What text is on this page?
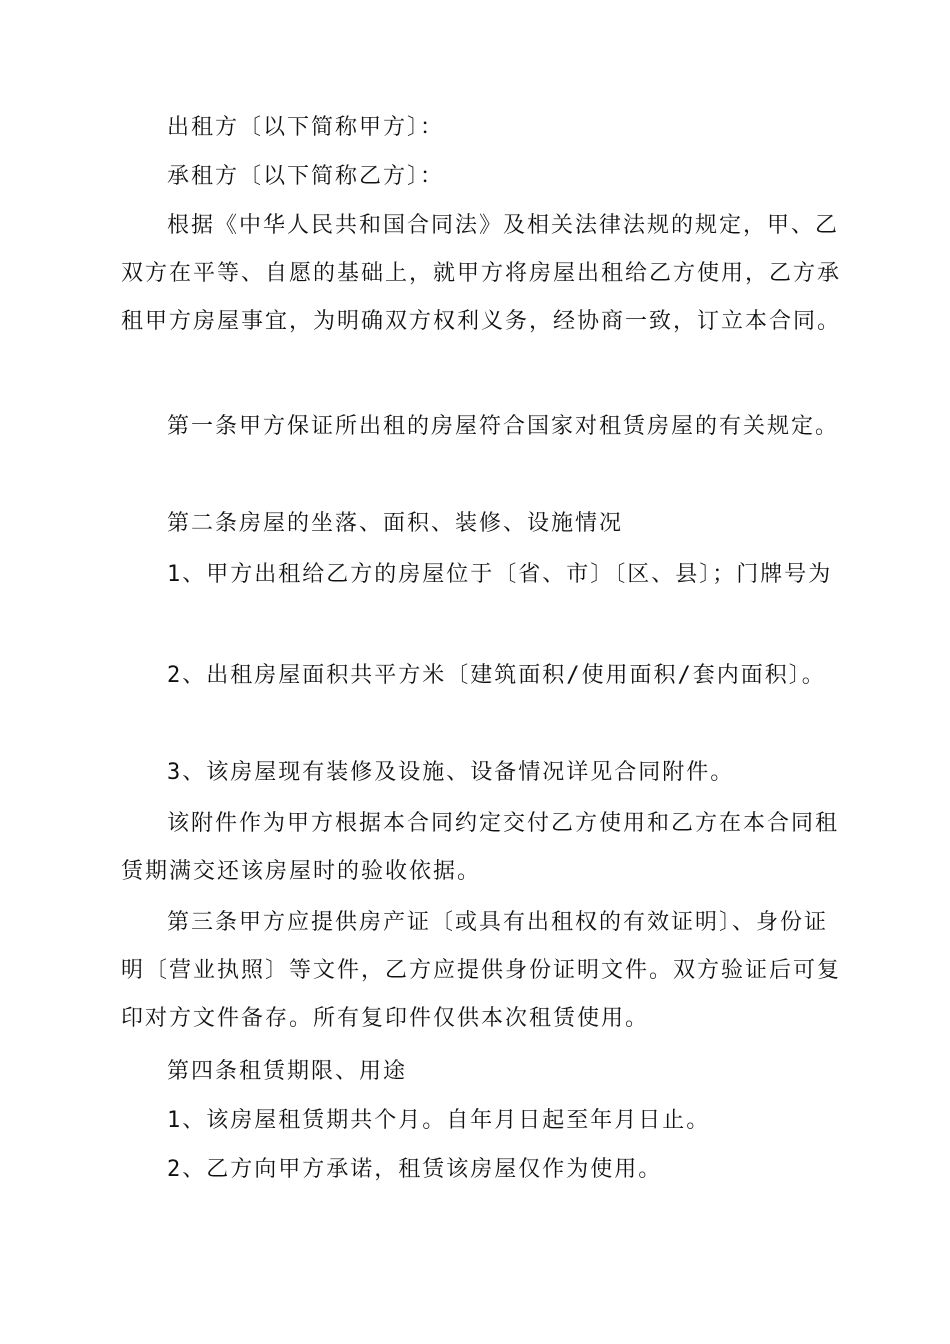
出租方〔以下简称甲方〕：

承租方〔以下简称乙方〕：

根据《中华人民共和国合同法》及相关法律法规的规定，甲、乙双方在平等、自愿的基础上，就甲方将房屋出租给乙方使用，乙方承租甲方房屋事宜，为明确双方权利义务，经协商一致，订立本合同。

第一条甲方保证所出租的房屋符合国家对租赁房屋的有关规定。

第二条房屋的坐落、面积、装修、设施情况

1、甲方出租给乙方的房屋位于〔省、市〕〔区、县〕；门牌号为

2、出租房屋面积共平方米〔建筑面积/使用面积/套内面积〕。

3、该房屋现有装修及设施、设备情况详见合同附件。

该附件作为甲方根据本合同约定交付乙方使用和乙方在本合同租赁期满交还该房屋时的验收依据。

第三条甲方应提供房产证〔或具有出租权的有效证明〕、身份证明〔营业执照〕等文件，乙方应提供身份证明文件。双方验证后可复印对方文件备存。所有复印件仅供本次租赁使用。

第四条租赁期限、用途

1、该房屋租赁期共个月。自年月日起至年月日止。

2、乙方向甲方承诺，租赁该房屋仅作为使用。
